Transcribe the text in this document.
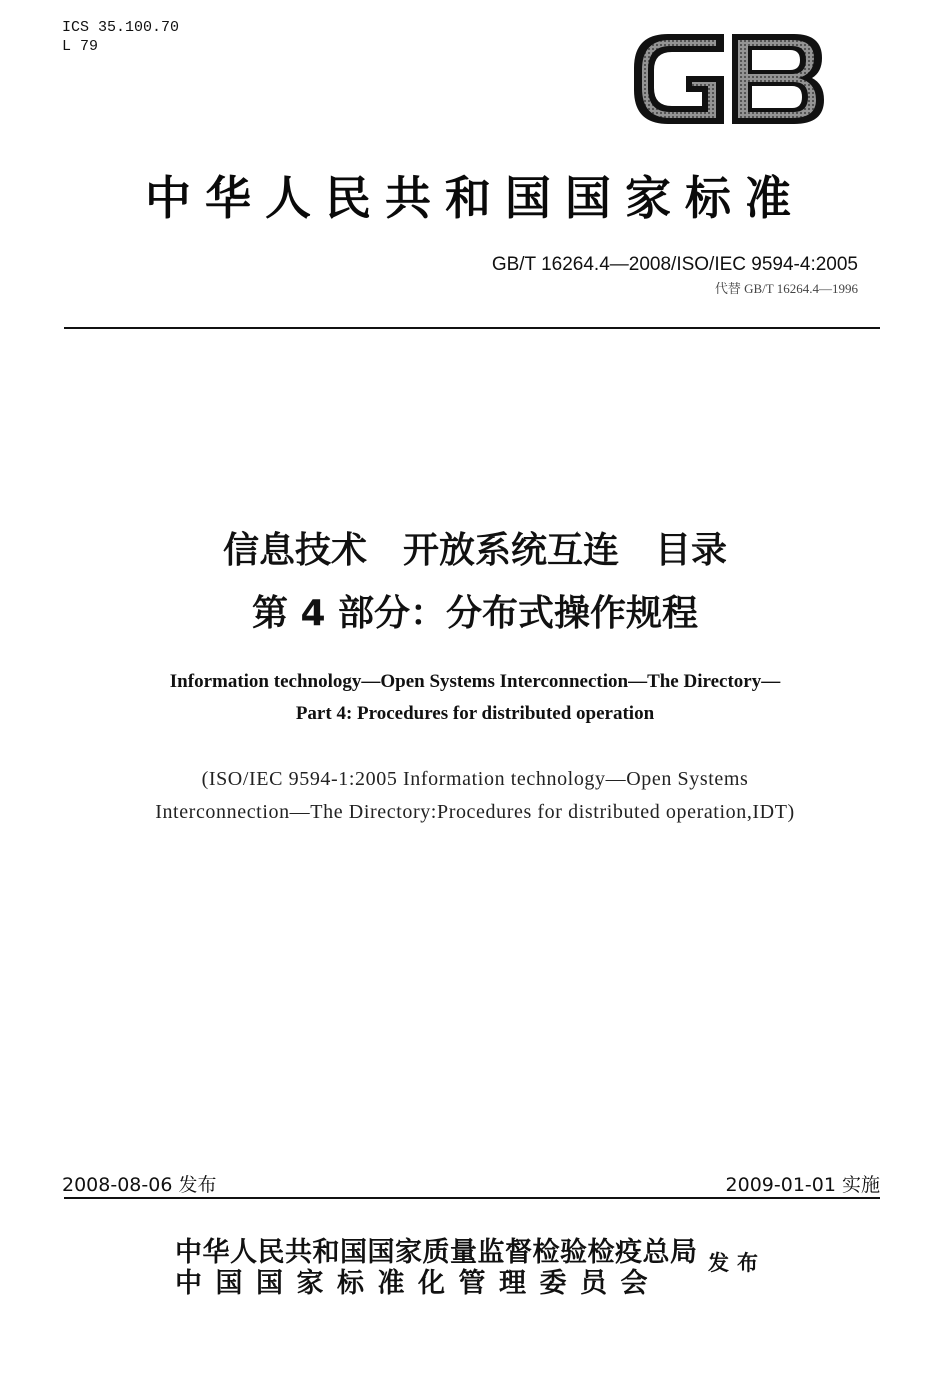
ICS 35.100.70
L 79
中华人民共和国国家标准
GB/T 16264.4—2008/ISO/IEC 9594-4:2005
代替 GB/T 16264.4—1996
信息技术　开放系统互连　目录
第 4 部分：分布式操作规程
Information technology—Open Systems Interconnection—The Directory—
Part 4: Procedures for distributed operation
(ISO/IEC 9594-1:2005 Information technology—Open Systems
Interconnection—The Directory:Procedures for distributed operation,IDT)
2008-08-06 发布	2009-01-01 实施
中华人民共和国国家质量监督检验检疫总局
中国国家标准化管理委员会
发布
